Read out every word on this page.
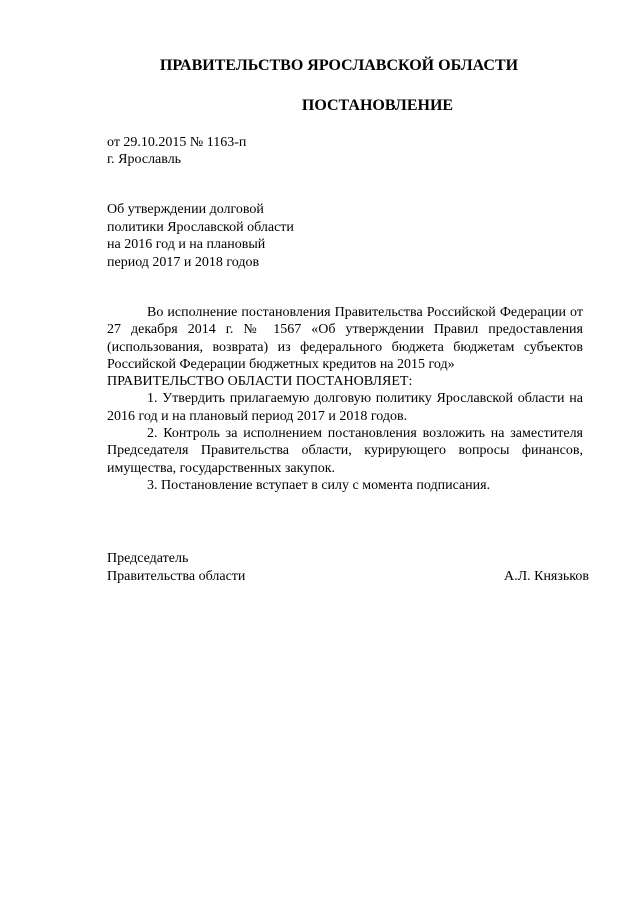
ПРАВИТЕЛЬСТВО ЯРОСЛАВСКОЙ ОБЛАСТИ
ПОСТАНОВЛЕНИЕ
от 29.10.2015 № 1163-п
г. Ярославль
Об утверждении долговой
политики Ярославской области
на 2016 год и на плановый
период 2017 и 2018 годов

Во исполнение постановления Правительства Российской Федерации от 27 декабря 2014 г. № 1567 «Об утверждении Правил предоставления (использования, возврата) из федерального бюджета бюджетам субъектов Российской Федерации бюджетных кредитов на 2015 год»

ПРАВИТЕЛЬСТВО ОБЛАСТИ ПОСТАНОВЛЯЕТ:

1. Утвердить прилагаемую долговую политику Ярославской области на 2016 год и на плановый период 2017 и 2018 годов.

2. Контроль за исполнением постановления возложить на заместителя Председателя Правительства области, курирующего вопросы финансов, имущества, государственных закупок.

3. Постановление вступает в силу с момента подписания.

Председатель
Правительства области	А.Л. Князьков
